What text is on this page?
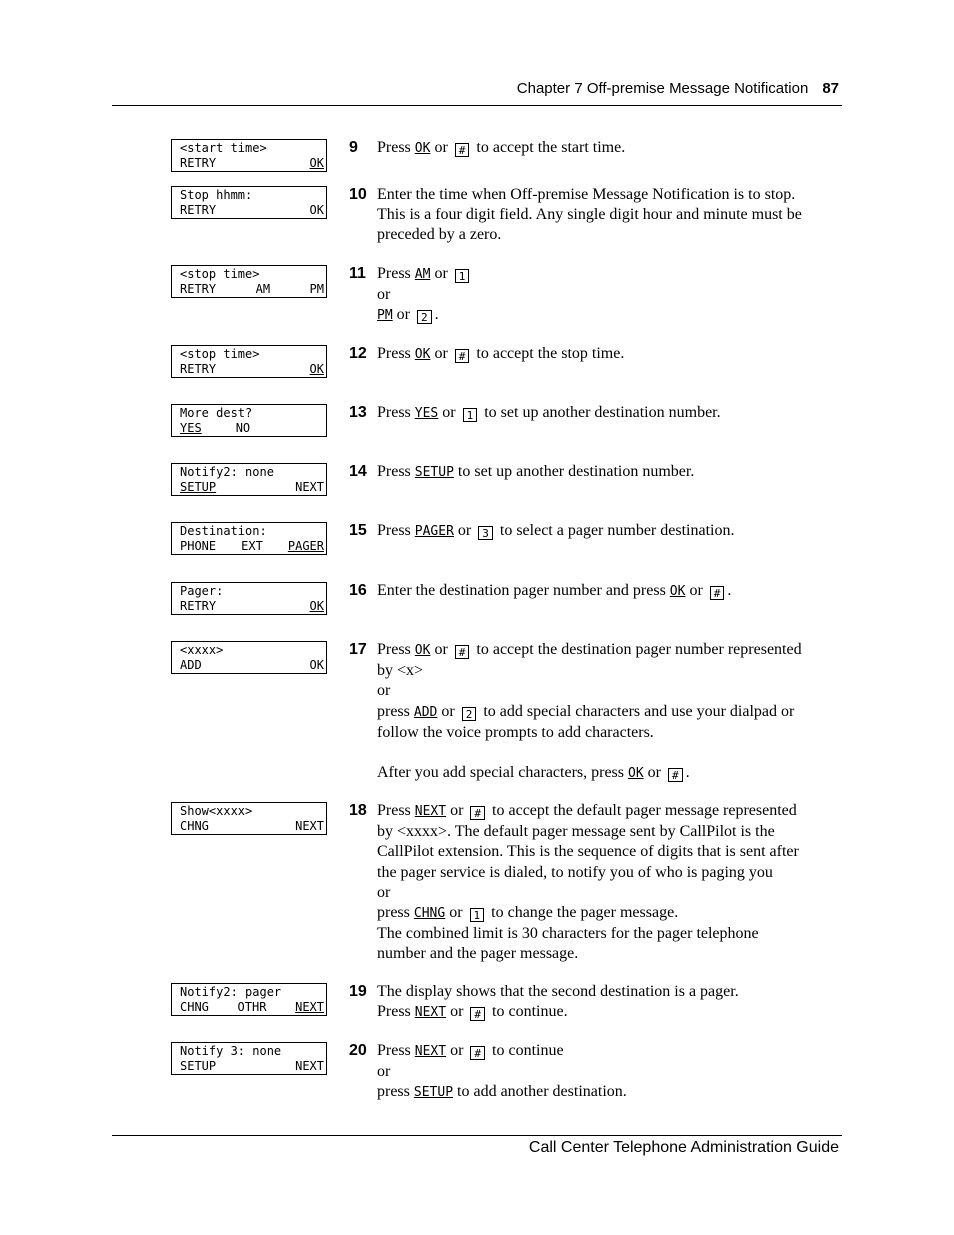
Chapter 7 Off-premise Message Notification 87
<start time>
RETRY	OK
9 Press OK or # to accept the start time.
Stop hhmm:
RETRY	OK
10 Enter the time when Off-premise Message Notification is to stop.
This is a four digit field. Any single digit hour and minute must be
preceded by a zero.
<stop time>
RETRY	AM	PM
11 Press AM or 1
or
PM or 2 .
<stop time>
RETRY	OK
12 Press OK or # to accept the stop time.
More dest?
YES	NO
13 Press YES or 1 to set up another destination number.
Notify2: none
SETUP	NEXT
14 Press SETUP to set up another destination number.
Destination:
PHONE EXT PAGER
15 Press PAGER or 3 to select a pager number destination.
Pager:
RETRY	OK
16 Enter the destination pager number and press OK or # .
<xxxx>
ADD	OK
17 Press OK or # to accept the destination pager number represented
by <x>
or
press ADD or 2 to add special characters and use your dialpad or
follow the voice prompts to add characters.

After you add special characters, press OK or # .
Show<xxxx>
CHNG	NEXT
18 Press NEXT or # to accept the default pager message represented
by <xxxx>. The default pager message sent by CallPilot is the
CallPilot extension. This is the sequence of digits that is sent after
the pager service is dialed, to notify you of who is paging you
or
press CHNG or 1 to change the pager message.
The combined limit is 30 characters for the pager telephone
number and the pager message.
Notify2: pager
CHNG OTHR NEXT
19 The display shows that the second destination is a pager.
Press NEXT or # to continue.
Notify 3: none
SETUP	NEXT
20 Press NEXT or # to continue
or
press SETUP to add another destination.
Call Center Telephone Administration Guide
